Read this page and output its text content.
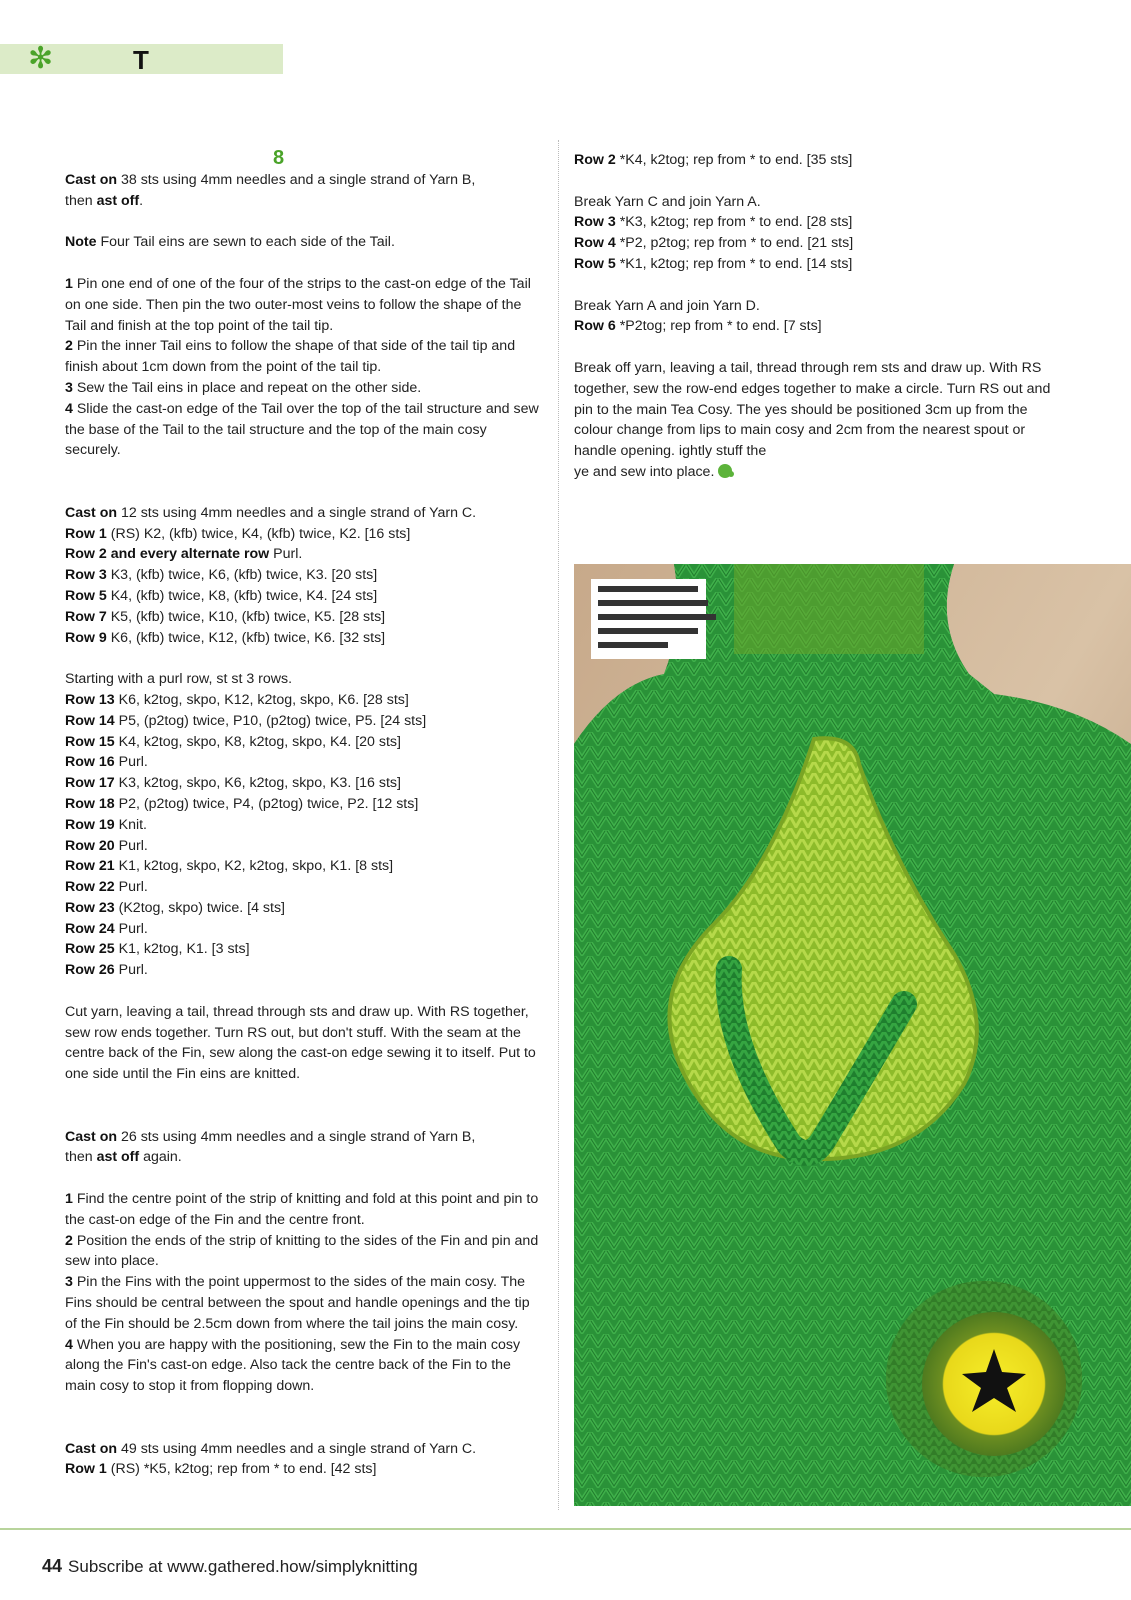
✻	T
8

Cast on 38 sts using 4mm needles and a single strand of Yarn B,
then ast off.

Note Four Tail eins are sewn to each side of the Tail.

1 Pin one end of one of the four of the strips to the cast-on edge of the Tail on one side. Then pin the two outer-most veins to follow the shape of the Tail and finish at the top point of the tail tip.

2 Pin the inner Tail eins to follow the shape of that side of the tail tip and finish about 1cm down from the point of the tail tip.

3 Sew the Tail eins in place and repeat on the other side.

4 Slide the cast-on edge of the Tail over the top of the tail structure and sew the base of the Tail to the tail structure and the top of the main cosy securely.

Cast on 12 sts using 4mm needles and a single strand of Yarn C.

Row 1 (RS) K2, (kfb) twice, K4, (kfb) twice, K2. [16 sts]

Row 2 and every alternate row Purl.

Row 3 K3, (kfb) twice, K6, (kfb) twice, K3. [20 sts]

Row 5 K4, (kfb) twice, K8, (kfb) twice, K4. [24 sts]

Row 7 K5, (kfb) twice, K10, (kfb) twice, K5. [28 sts]

Row 9 K6, (kfb) twice, K12, (kfb) twice, K6. [32 sts]

Starting with a purl row, st st 3 rows.

Row 13 K6, k2tog, skpo, K12, k2tog, skpo, K6. [28 sts]

Row 14 P5, (p2tog) twice, P10, (p2tog) twice, P5. [24 sts]

Row 15 K4, k2tog, skpo, K8, k2tog, skpo, K4. [20 sts]

Row 16 Purl.

Row 17 K3, k2tog, skpo, K6, k2tog, skpo, K3. [16 sts]

Row 18 P2, (p2tog) twice, P4, (p2tog) twice, P2. [12 sts]

Row 19 Knit.

Row 20 Purl.

Row 21 K1, k2tog, skpo, K2, k2tog, skpo, K1. [8 sts]

Row 22 Purl.

Row 23 (K2tog, skpo) twice. [4 sts]

Row 24 Purl.

Row 25 K1, k2tog, K1. [3 sts]

Row 26 Purl.

Cut yarn, leaving a tail, thread through sts and draw up. With RS together, sew row ends together. Turn RS out, but don't stuff. With the seam at the centre back of the Fin, sew along the cast-on edge sewing it to itself. Put to one side until the Fin eins are knitted.

Cast on 26 sts using 4mm needles and a single strand of Yarn B,
then ast off again.

1 Find the centre point of the strip of knitting and fold at this point and pin to the cast-on edge of the Fin and the centre front.

2 Position the ends of the strip of knitting to the sides of the Fin and pin and sew into place.

3 Pin the Fins with the point uppermost to the sides of the main cosy. The Fins should be central between the spout and handle openings and the tip of the Fin should be 2.5cm down from where the tail joins the main cosy.

4 When you are happy with the positioning, sew the Fin to the main cosy along the Fin's cast-on edge. Also tack the centre back of the Fin to the main cosy to stop it from flopping down.

Cast on 49 sts using 4mm needles and a single strand of Yarn C.

Row 1 (RS) *K5, k2tog; rep from * to end. [42 sts]

Row 2 *K4, k2tog; rep from * to end. [35 sts]

Break Yarn C and join Yarn A.

Row 3 *K3, k2tog; rep from * to end. [28 sts]

Row 4 *P2, p2tog; rep from * to end. [21 sts]

Row 5 *K1, k2tog; rep from * to end. [14 sts]

Break Yarn A and join Yarn D.

Row 6 *P2tog; rep from * to end. [7 sts]

Break off yarn, leaving a tail, thread through rem sts and draw up. With RS together, sew the row-end edges together to make a circle. Turn RS out and pin to the main Tea Cosy. The yes should be positioned 3cm up from the colour change from lips to main cosy and 2cm from the nearest spout or handle opening. ightly stuff the
ye and sew into place.

44 Subscribe at www.gathered.how/simplyknitting
